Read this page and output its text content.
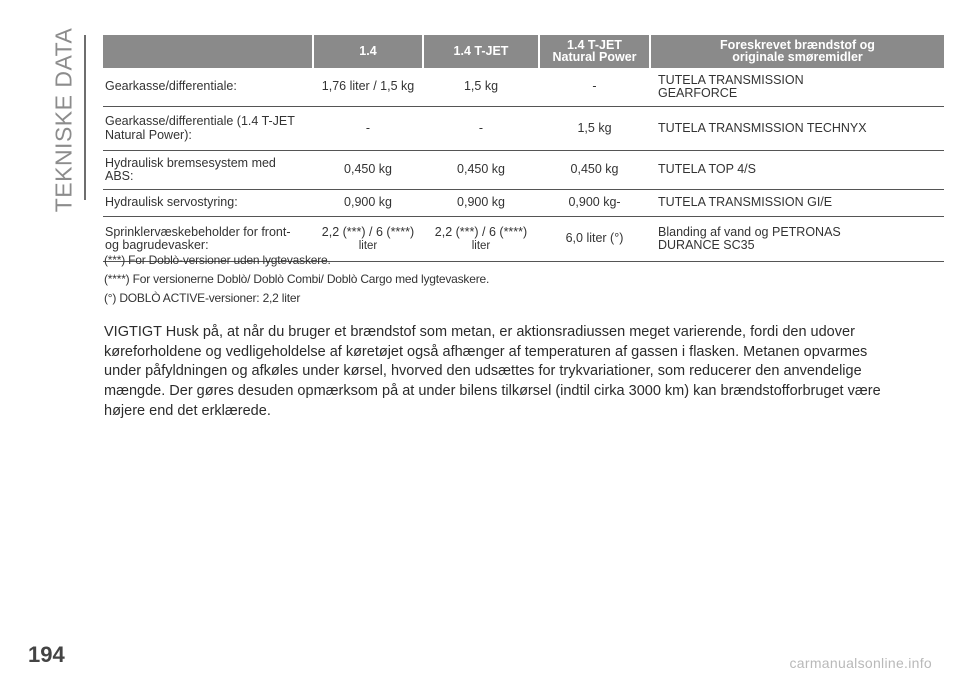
TEKNISKE DATA
		1.4	1.4 T-JET	1.4 T-JET
Natural Power	Foreskrevet brændstof og
originale smøremidler
Gearkasse/differentiale:	1,76 liter / 1,5 kg	1,5 kg	-	TUTELA TRANSMISSION
GEARFORCE
Gearkasse/differentiale (1.4 T-JET
Natural Power):	-	-	1,5 kg	TUTELA TRANSMISSION TECHNYX
Hydraulisk bremsesystem med
ABS:	0,450 kg	0,450 kg	0,450 kg	TUTELA TOP 4/S
Hydraulisk servostyring:	0,900 kg	0,900 kg	0,900 kg-	TUTELA TRANSMISSION GI/E
Sprinklervæskebeholder for front-
og bagrudevasker:	2,2 (***) / 6 (****)
liter	2,2 (***) / 6 (****)
liter	6,0 liter (°)	Blanding af vand og PETRONAS
DURANCE SC35

(***) For Doblò-versioner uden lygtevaskere.

(****) For versionerne Doblò/ Doblò Combi/ Doblò Cargo med lygtevaskere.

(°) DOBLÒ ACTIVE-versioner: 2,2 liter

VIGTIGT Husk på, at når du bruger et brændstof som metan, er aktionsradiussen meget varierende, fordi den udover køreforholdene og vedligeholdelse af køretøjet også afhænger af temperaturen af gassen i flasken. Metanen opvarmes under påfyldningen og afkøles under kørsel, hvorved den udsættes for trykvariationer, som reducerer den anvendelige mængde. Der gøres desuden opmærksom på at under bilens tilkørsel (indtil cirka 3000 km) kan brændstofforbruget være højere end det erklærede.

194	carmanualsonline.info
